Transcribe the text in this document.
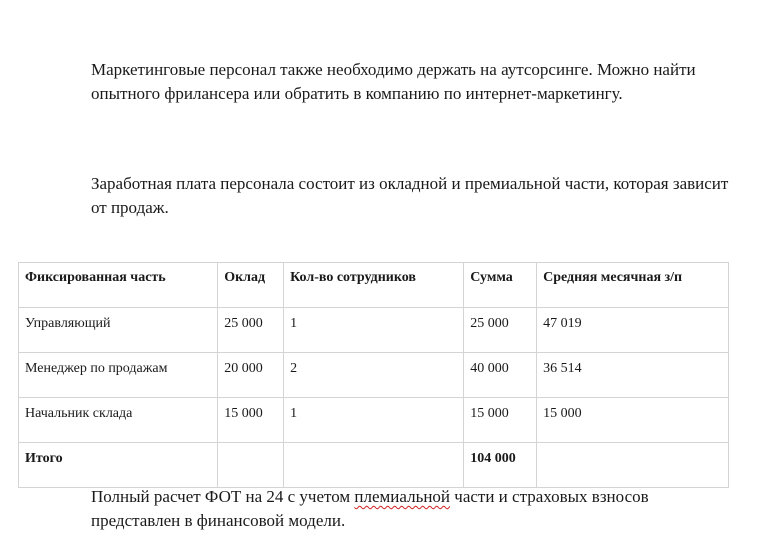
Маркетинговые персонал также необходимо держать на аутсорсинге. Можно найти опытного фрилансера или обратить в компанию по интернет-маркетингу.

Заработная плата персонала состоит из окладной и премиальной части, которая зависит от продаж.

Фиксированная часть	Оклад	Кол-во сотрудников	Сумма	Средняя месячная з/п
Управляющий	25 000	1	25 000	47 019
Менеджер по продажам	20 000	2	40 000	36 514
Начальник склада	15 000	1	15 000	15 000
Итого			104 000	

Полный расчет ФОТ на 24 с учетом племиальной части и страховых взносов представлен в финансовой модели.
